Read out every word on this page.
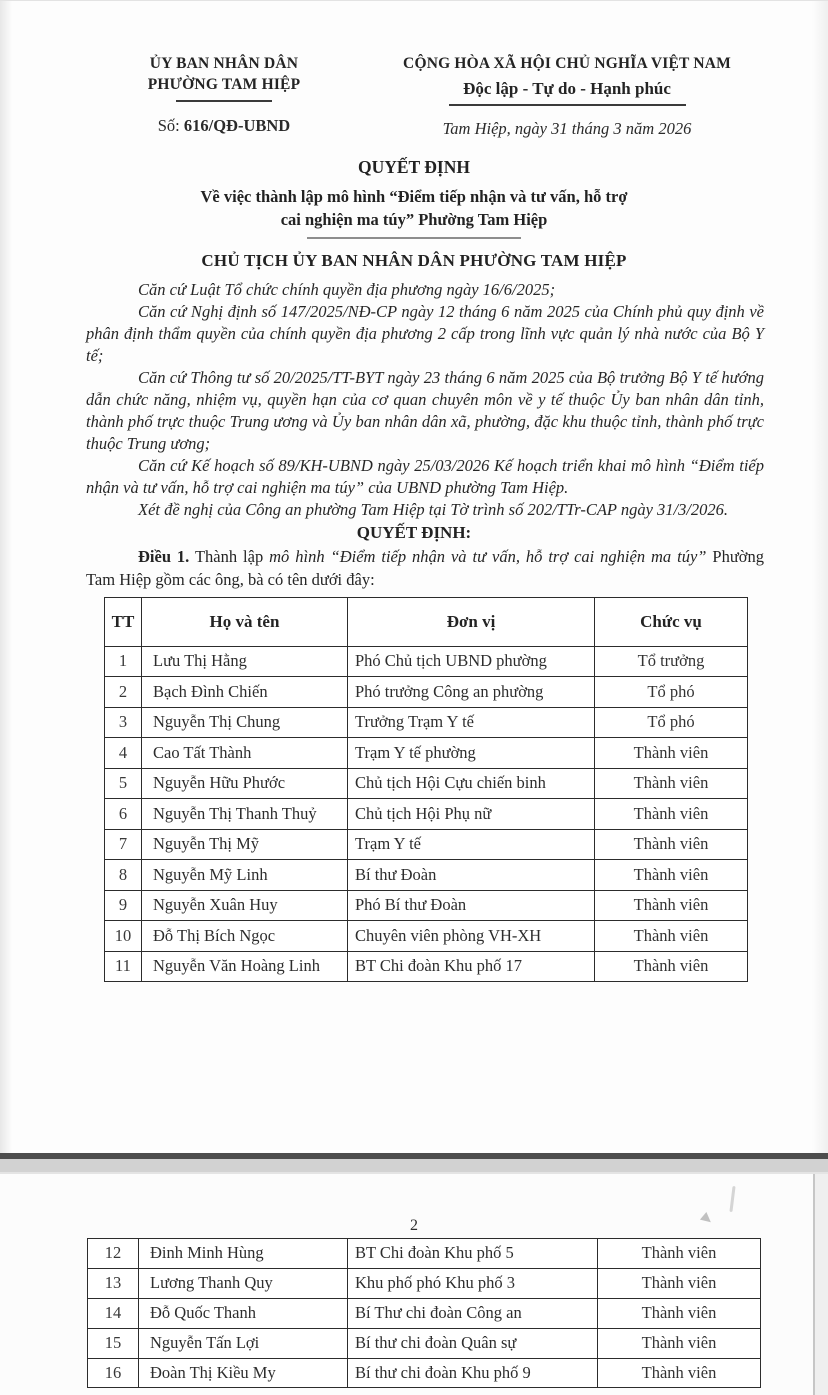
ỦY BAN NHÂN DÂN
PHƯỜNG TAM HIỆP
Số: 616/QĐ-UBND
CỘNG HÒA XÃ HỘI CHỦ NGHĨA VIỆT NAM
Độc lập - Tự do - Hạnh phúc
Tam Hiệp, ngày 31 tháng 3 năm 2026
QUYẾT ĐỊNH
Về việc thành lập mô hình “Điểm tiếp nhận và tư vấn, hỗ trợ
cai nghiện ma túy” Phường Tam Hiệp
CHỦ TỊCH ỦY BAN NHÂN DÂN PHƯỜNG TAM HIỆP

Căn cứ Luật Tổ chức chính quyền địa phương ngày 16/6/2025;

Căn cứ Nghị định số 147/2025/NĐ-CP ngày 12 tháng 6 năm 2025 của Chính phủ quy định về phân định thẩm quyền của chính quyền địa phương 2 cấp trong lĩnh vực quản lý nhà nước của Bộ Y tế;

Căn cứ Thông tư số 20/2025/TT-BYT ngày 23 tháng 6 năm 2025 của Bộ trưởng Bộ Y tế hướng dẫn chức năng, nhiệm vụ, quyền hạn của cơ quan chuyên môn về y tế thuộc Ủy ban nhân dân tỉnh, thành phố trực thuộc Trung ương và Ủy ban nhân dân xã, phường, đặc khu thuộc tỉnh, thành phố trực thuộc Trung ương;

Căn cứ Kế hoạch số 89/KH-UBND ngày 25/03/2026 Kế hoạch triển khai mô hình “Điểm tiếp nhận và tư vấn, hỗ trợ cai nghiện ma túy” của UBND phường Tam Hiệp.

Xét đề nghị của Công an phường Tam Hiệp tại Tờ trình số 202/TTr-CAP ngày 31/3/2026.

QUYẾT ĐỊNH:

Điều 1. Thành lập mô hình “Điểm tiếp nhận và tư vấn, hỗ trợ cai nghiện ma túy” Phường Tam Hiệp gồm các ông, bà có tên dưới đây:

TT	Họ và tên	Đơn vị	Chức vụ
1	Lưu Thị Hằng	Phó Chủ tịch UBND phường	Tổ trưởng
2	Bạch Đình Chiến	Phó trưởng Công an phường	Tổ phó
3	Nguyễn Thị Chung	Trưởng Trạm Y tế	Tổ phó
4	Cao Tất Thành	Trạm Y tế phường	Thành viên
5	Nguyễn Hữu Phước	Chủ tịch Hội Cựu chiến binh	Thành viên
6	Nguyễn Thị Thanh Thuỷ	Chủ tịch Hội Phụ nữ	Thành viên
7	Nguyễn Thị Mỹ	Trạm Y tế	Thành viên
8	Nguyễn Mỹ Linh	Bí thư Đoàn	Thành viên
9	Nguyễn Xuân Huy	Phó Bí thư Đoàn	Thành viên
10	Đỗ Thị Bích Ngọc	Chuyên viên phòng VH-XH	Thành viên
11	Nguyễn Văn Hoàng Linh	BT Chi đoàn Khu phố 17	Thành viên
2
12	Đinh Minh Hùng	BT Chi đoàn Khu phố 5	Thành viên
13	Lương Thanh Quy	Khu phố phó Khu phố 3	Thành viên
14	Đỗ Quốc Thanh	Bí Thư chi đoàn Công an	Thành viên
15	Nguyễn Tấn Lợi	Bí thư chi đoàn Quân sự	Thành viên
16	Đoàn Thị Kiều My	Bí thư chi đoàn Khu phố 9	Thành viên
